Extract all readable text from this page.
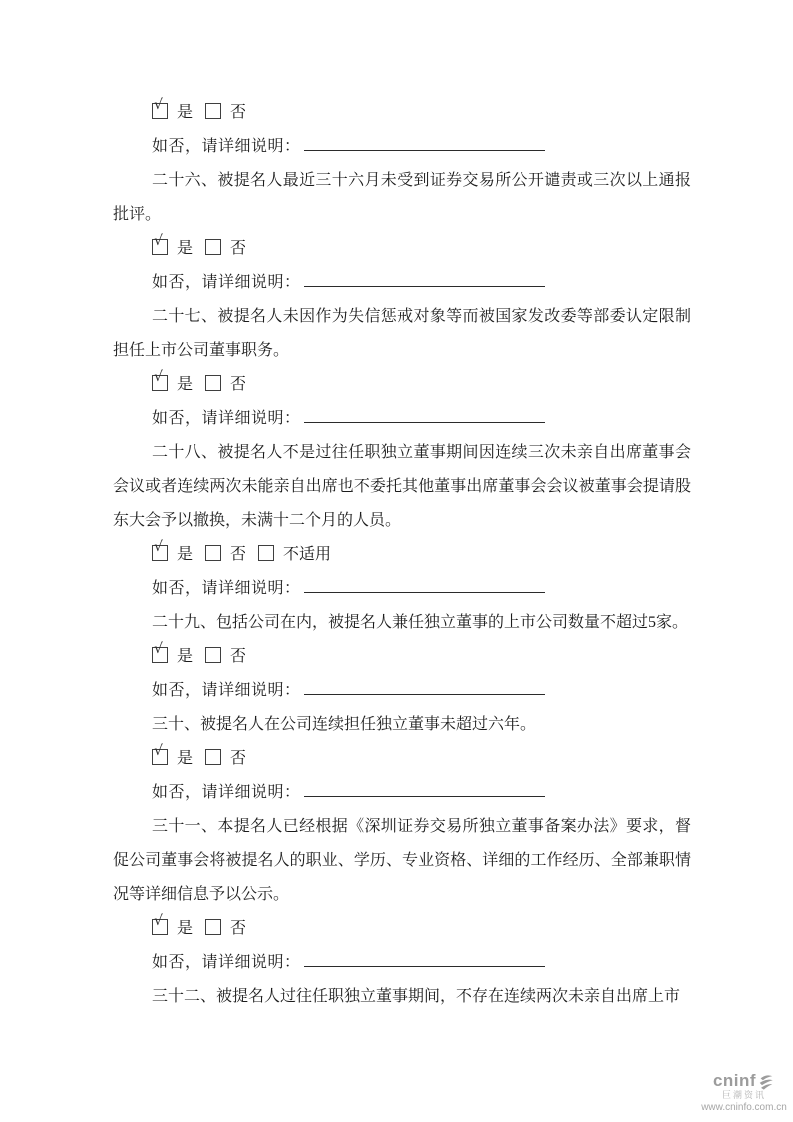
√ 是 否
如否，请详细说明：

二十六、被提名人最近三十六月未受到证券交易所公开谴责或三次以上通报批评。

√ 是 否
如否，请详细说明：

二十七、被提名人未因作为失信惩戒对象等而被国家发改委等部委认定限制担任上市公司董事职务。

√ 是 否
如否，请详细说明：

二十八、被提名人不是过往任职独立董事期间因连续三次未亲自出席董事会会议或者连续两次未能亲自出席也不委托其他董事出席董事会会议被董事会提请股东大会予以撤换，未满十二个月的人员。

√ 是 否 不适用
如否，请详细说明：

二十九、包括公司在内，被提名人兼任独立董事的上市公司数量不超过5家。

√ 是 否
如否，请详细说明：

三十、被提名人在公司连续担任独立董事未超过六年。

√ 是 否
如否，请详细说明：

三十一、本提名人已经根据《深圳证券交易所独立董事备案办法》要求，督促公司董事会将被提名人的职业、学历、专业资格、详细的工作经历、全部兼职情况等详细信息予以公示。

√ 是 否
如否，请详细说明：

三十二、被提名人过往任职独立董事期间，不存在连续两次未亲自出席上市

cninf
巨潮资讯
www.cninfo.com.cn
